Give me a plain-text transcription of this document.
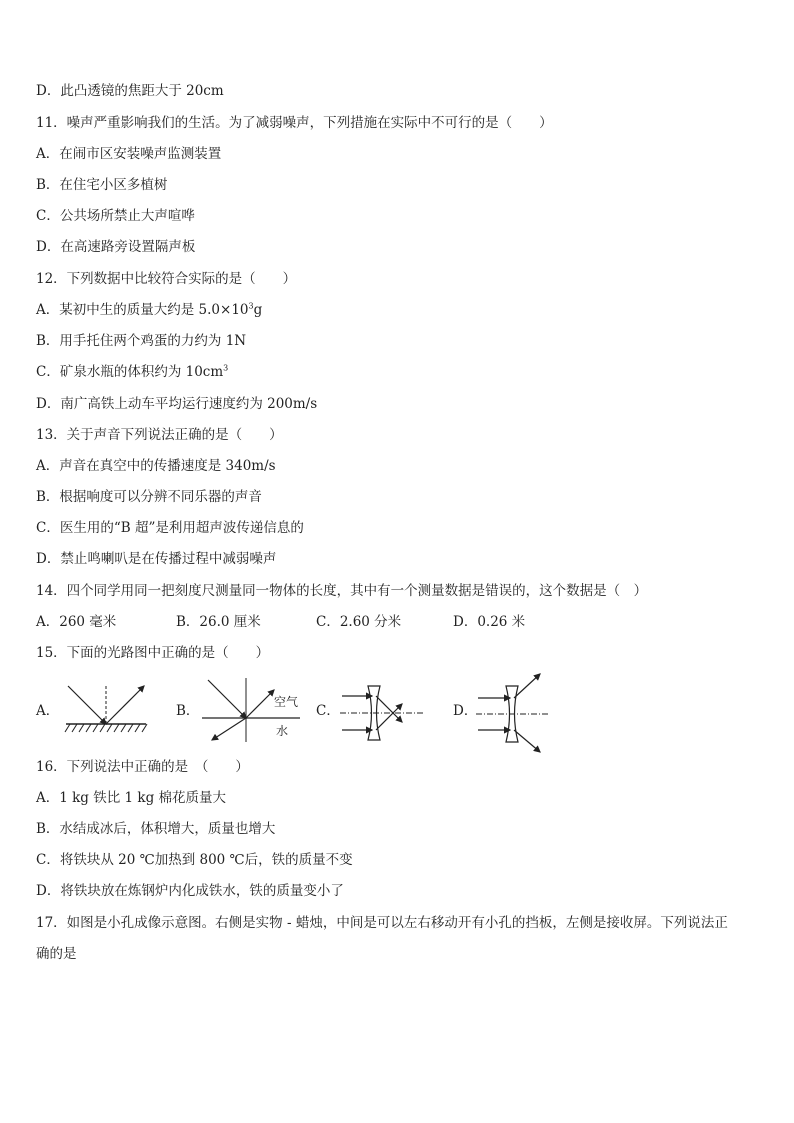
D．此凸透镜的焦距大于 20cm
11．噪声严重影响我们的生活。为了减弱噪声，下列措施在实际中不可行的是（　　）
A．在闹市区安装噪声监测装置
B．在住宅小区多植树
C．公共场所禁止大声喧哗
D．在高速路旁设置隔声板
12．下列数据中比较符合实际的是（　　）
A．某初中生的质量大约是 $5.0\times 10^3g$
B．用手托住两个鸡蛋的力约为 1N
C．矿泉水瓶的体积约为 $10cm^3$
D．南广高铁上动车平均运行速度约为 200m/s
13．关于声音下列说法正确的是（　　）
A．声音在真空中的传播速度是 340m/s
B．根据响度可以分辨不同乐器的声音
C．医生用的“B 超”是利用超声波传递信息的
D．禁止鸣喇叭是在传播过程中减弱噪声
14．四个同学用同一把刻度尺测量同一物体的长度，其中有一个测量数据是错误的，这个数据是（　）
A．260 毫米	B．26.0 厘米	C．2.60 分米	D．0.26 米
15．下面的光路图中正确的是（　　）
A．	B．	C．	D．
空气
水
16．下列说法中正确的是　（　　）
A．1 kg 铁比 1 kg 棉花质量大
B．水结成冰后，体积增大，质量也增大
C．将铁块从 20 ℃加热到 800 ℃后，铁的质量不变
D．将铁块放在炼钢炉内化成铁水，铁的质量变小了
17．如图是小孔成像示意图。右侧是实物 - 蜡烛，中间是可以左右移动开有小孔的挡板，左侧是接收屏。下列说法正
确的是
